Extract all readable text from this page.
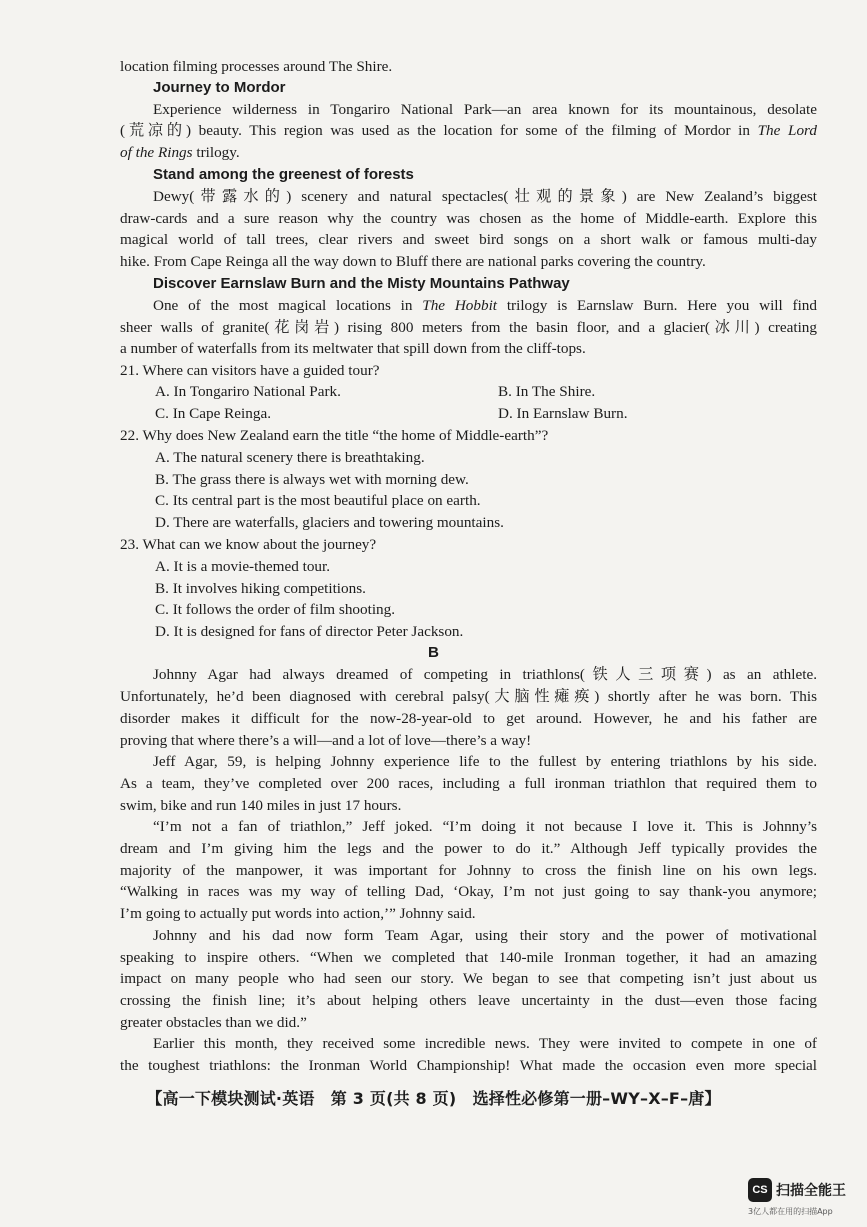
location filming processes around The Shire.
Journey to Mordor
Experience wilderness in Tongariro National Park—an area known for its mountainous, desolate
(荒凉的) beauty. This region was used as the location for some of the filming of Mordor in The Lord
of the Rings trilogy.
Stand among the greenest of forests
Dewy(带露水的) scenery and natural spectacles(壮观的景象) are New Zealand’s biggest
draw-cards and a sure reason why the country was chosen as the home of Middle-earth. Explore this
magical world of tall trees, clear rivers and sweet bird songs on a short walk or famous multi-day
hike. From Cape Reinga all the way down to Bluff there are national parks covering the country.
Discover Earnslaw Burn and the Misty Mountains Pathway
One of the most magical locations in The Hobbit trilogy is Earnslaw Burn. Here you will find
sheer walls of granite(花岗岩) rising 800 meters from the basin floor, and a glacier(冰川) creating
a number of waterfalls from its meltwater that spill down from the cliff-tops.
21. Where can visitors have a guided tour?
A. In Tongariro National Park.	B. In The Shire.
C. In Cape Reinga.	D. In Earnslaw Burn.
22. Why does New Zealand earn the title “the home of Middle-earth”?
A. The natural scenery there is breathtaking.
B. The grass there is always wet with morning dew.
C. Its central part is the most beautiful place on earth.
D. There are waterfalls, glaciers and towering mountains.
23. What can we know about the journey?
A. It is a movie-themed tour.
B. It involves hiking competitions.
C. It follows the order of film shooting.
D. It is designed for fans of director Peter Jackson.
B
Johnny Agar had always dreamed of competing in triathlons(铁人三项赛) as an athlete.
Unfortunately, he’d been diagnosed with cerebral palsy(大脑性瘫痪) shortly after he was born. This
disorder makes it difficult for the now-28-year-old to get around. However, he and his father are
proving that where there’s a will—and a lot of love—there’s a way!
Jeff Agar, 59, is helping Johnny experience life to the fullest by entering triathlons by his side.
As a team, they’ve completed over 200 races, including a full ironman triathlon that required them to
swim, bike and run 140 miles in just 17 hours.
“I’m not a fan of triathlon,” Jeff joked. “I’m doing it not because I love it. This is Johnny’s
dream and I’m giving him the legs and the power to do it.” Although Jeff typically provides the
majority of the manpower, it was important for Johnny to cross the finish line on his own legs.
“Walking in races was my way of telling Dad, ‘Okay, I’m not just going to say thank-you anymore;
I’m going to actually put words into action,’” Johnny said.
Johnny and his dad now form Team Agar, using their story and the power of motivational
speaking to inspire others. “When we completed that 140-mile Ironman together, it had an amazing
impact on many people who had seen our story. We began to see that competing isn’t just about us
crossing the finish line; it’s about helping others leave uncertainty in the dust—even those facing
greater obstacles than we did.”
Earlier this month, they received some incredible news. They were invited to compete in one of
the toughest triathlons: the Ironman World Championship! What made the occasion even more special
【高一下模块测试·英语　第 3 页(共 8 页)　选择性必修第一册–WY–X–F–唐】
CS 扫描全能王
3亿人都在用的扫描App
